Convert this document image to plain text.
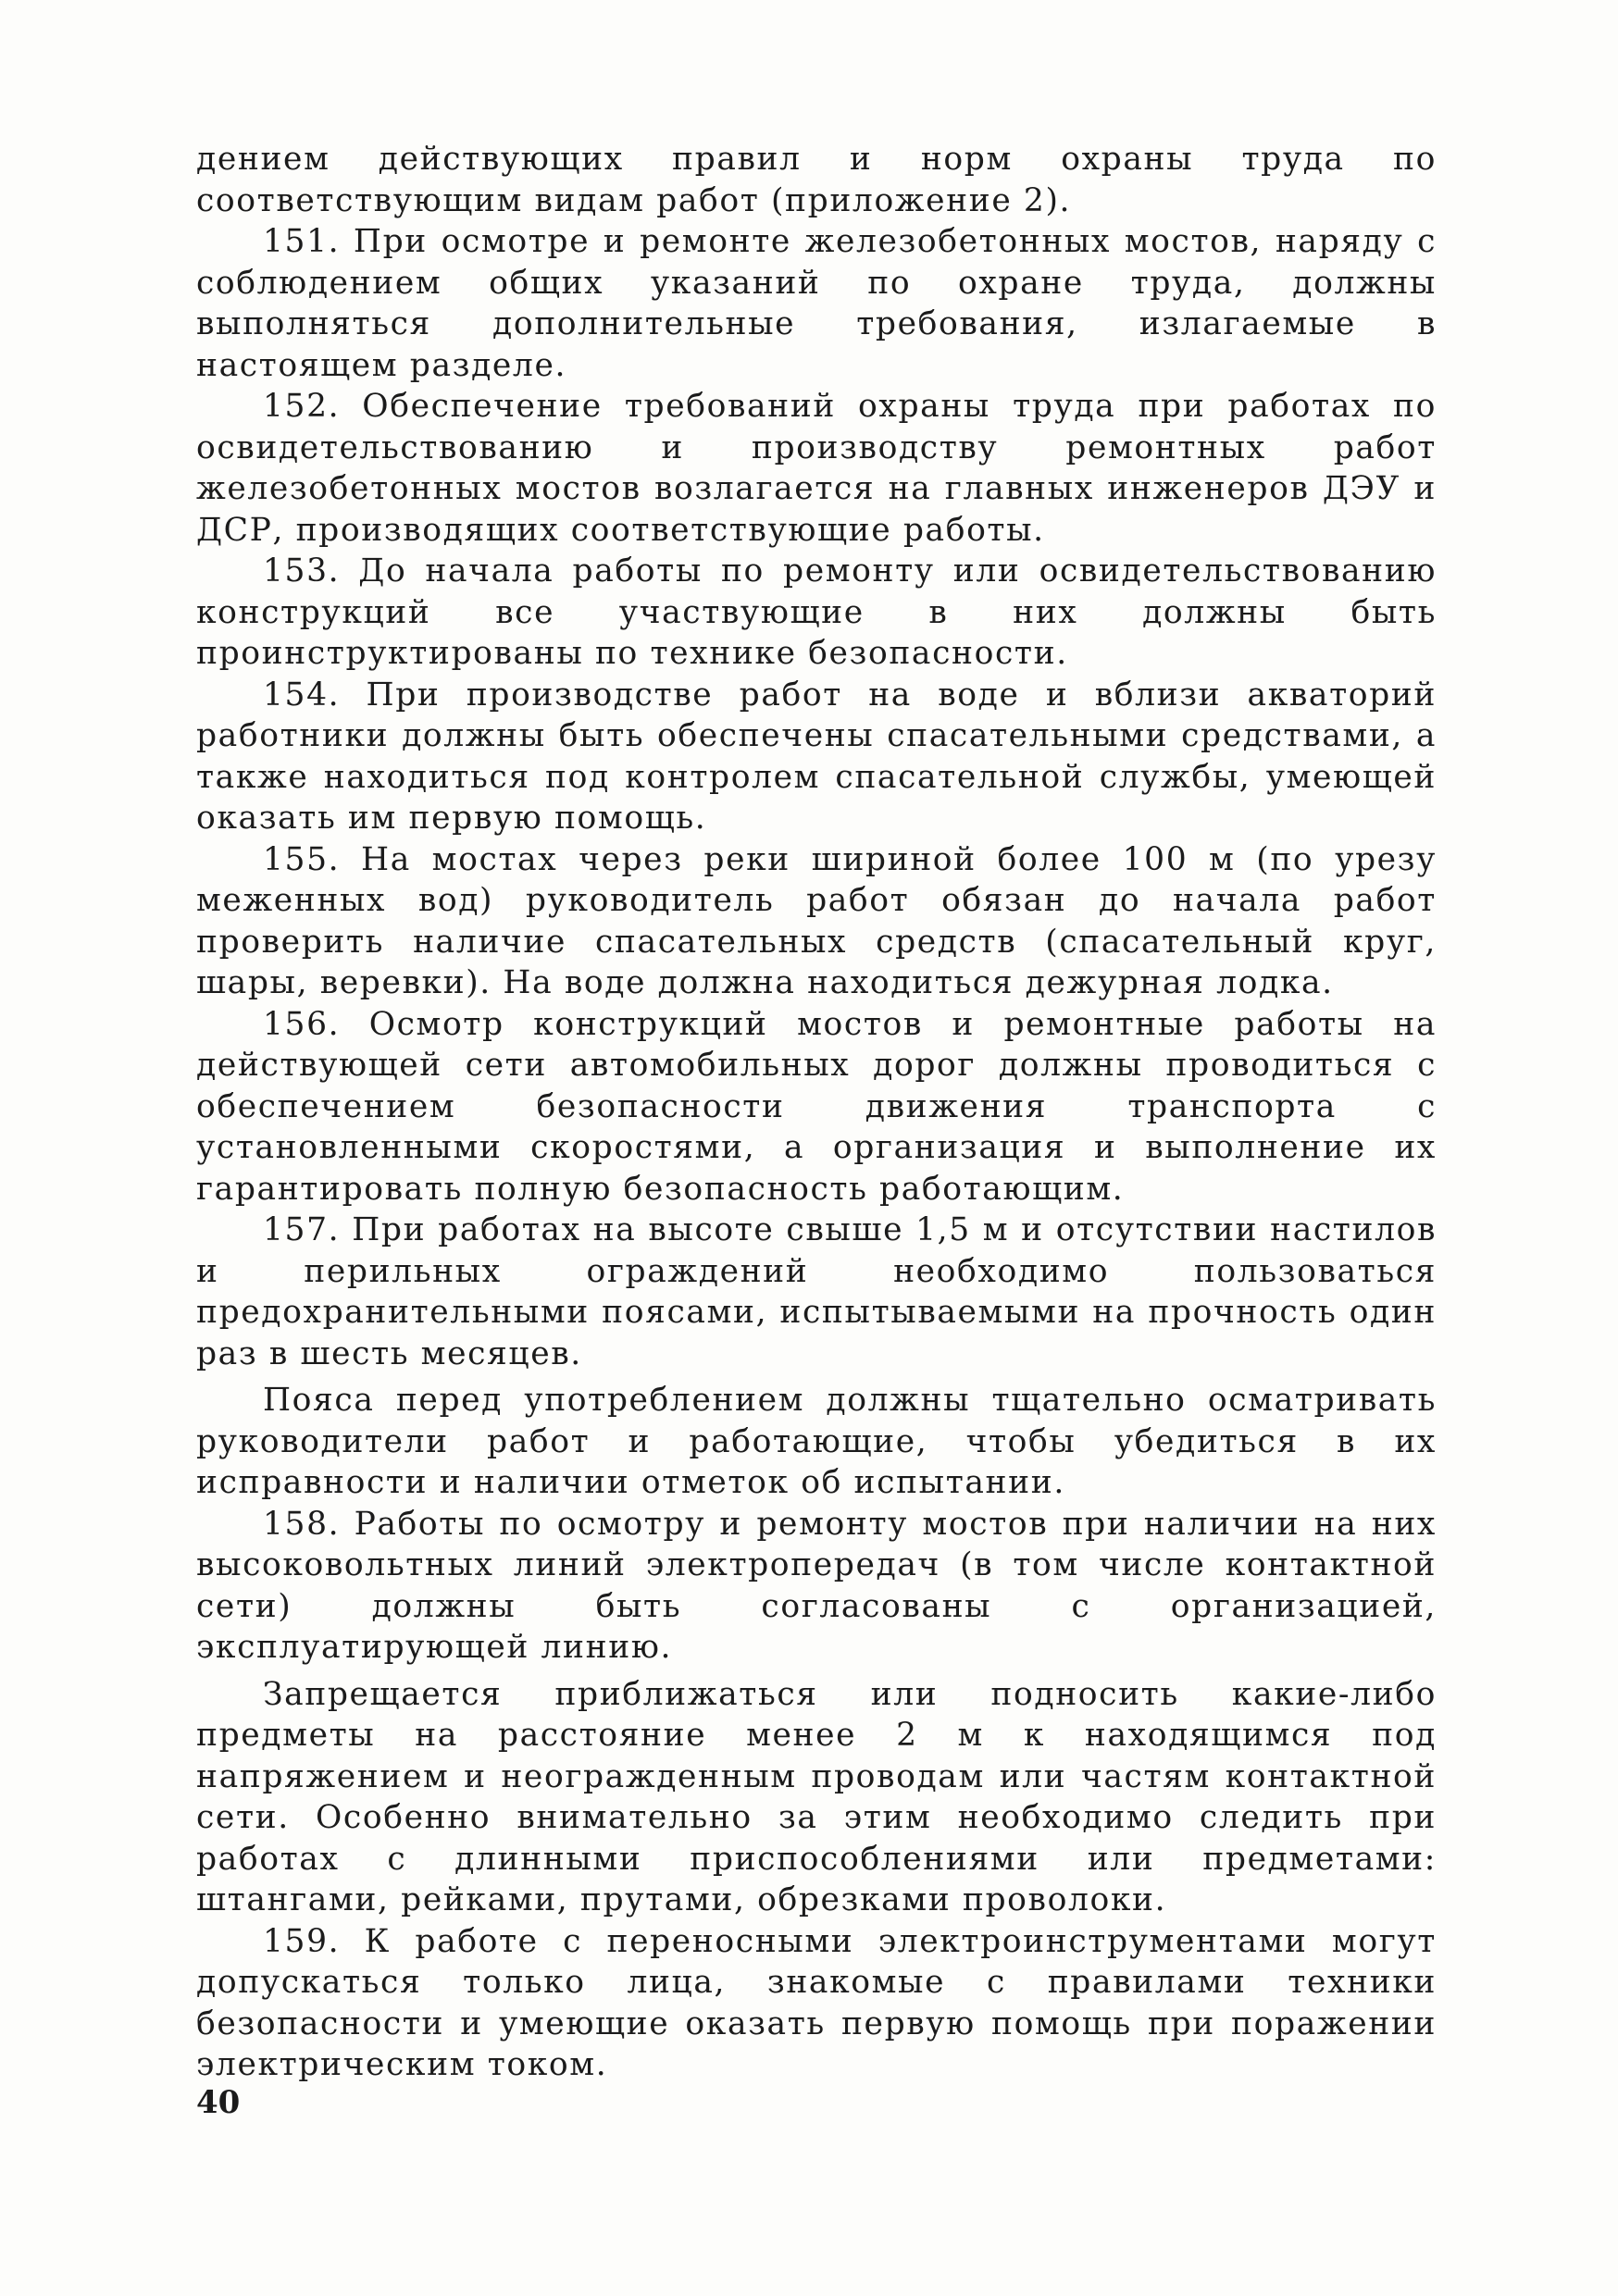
дением действующих правил и норм охраны труда по соответствующим видам работ (приложение 2).

151. При осмотре и ремонте железобетонных мостов, наряду с соблюдением общих указаний по охране труда, должны выполняться дополнительные требования, излагаемые в настоящем разделе.

152. Обеспечение требований охраны труда при работах по освидетельствованию и производству ремонтных работ железобетонных мостов возлагается на главных инженеров ДЭУ и ДСР, производящих соответствующие работы.

153. До начала работы по ремонту или освидетельствованию конструкций все участвующие в них должны быть проинструктированы по технике безопасности.

154. При производстве работ на воде и вблизи акваторий работники должны быть обеспечены спасательными средствами, а также находиться под контролем спасательной службы, умеющей оказать им первую помощь.

155. На мостах через реки шириной более 100 м (по урезу меженных вод) руководитель работ обязан до начала работ проверить наличие спасательных средств (спасательный круг, шары, веревки). На воде должна находиться дежурная лодка.

156. Осмотр конструкций мостов и ремонтные работы на действующей сети автомобильных дорог должны проводиться с обеспечением безопасности движения транспорта с установленными скоростями, а организация и выполнение их гарантировать полную безопасность работающим.

157. При работах на высоте свыше 1,5 м и отсутствии настилов и перильных ограждений необходимо пользоваться предохранительными поясами, испытываемыми на прочность один раз в шесть месяцев.

Пояса перед употреблением должны тщательно осматривать руководители работ и работающие, чтобы убедиться в их исправности и наличии отметок об испытании.

158. Работы по осмотру и ремонту мостов при наличии на них высоковольтных линий электропередач (в том числе контактной сети) должны быть согласованы с организацией, эксплуатирующей линию.

Запрещается приближаться или подносить какие-либо предметы на расстояние менее 2 м к находящимся под напряжением и неогражденным проводам или частям контактной сети. Особенно внимательно за этим необходимо следить при работах с длинными приспособлениями или предметами: штангами, рейками, прутами, обрезками проволоки.

159. К работе с переносными электроинструментами могут допускаться только лица, знакомые с правилами техники безопасности и умеющие оказать первую помощь при поражении электрическим током.

40
